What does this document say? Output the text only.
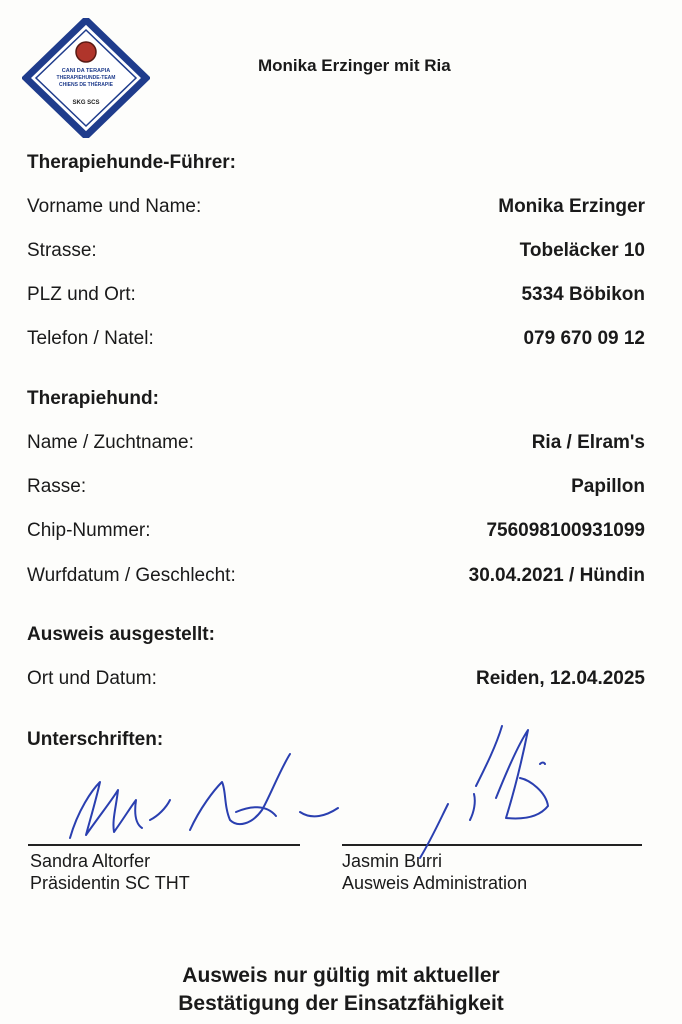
CANI DA TERAPIA
THERAPIEHUNDE-TEAM
CHIENS DE THÉRAPIE
SKG SCS
Monika Erzinger mit Ria
Therapiehunde-Führer:
Vorname und Name:	Monika Erzinger
Strasse:	Tobeläcker 10
PLZ und Ort:	5334 Böbikon
Telefon / Natel:	079 670 09 12
Therapiehund:
Name / Zuchtname:	Ria / Elram's
Rasse:	Papillon
Chip-Nummer:	756098100931099
Wurfdatum / Geschlecht:	30.04.2021 / Hündin
Ausweis ausgestellt:
Ort und Datum:	Reiden, 12.04.2025
Unterschriften:
Sandra Altorfer
Präsidentin SC THT
Jasmin Burri
Ausweis Administration
Ausweis nur gültig mit aktueller
Bestätigung der Einsatzfähigkeit
